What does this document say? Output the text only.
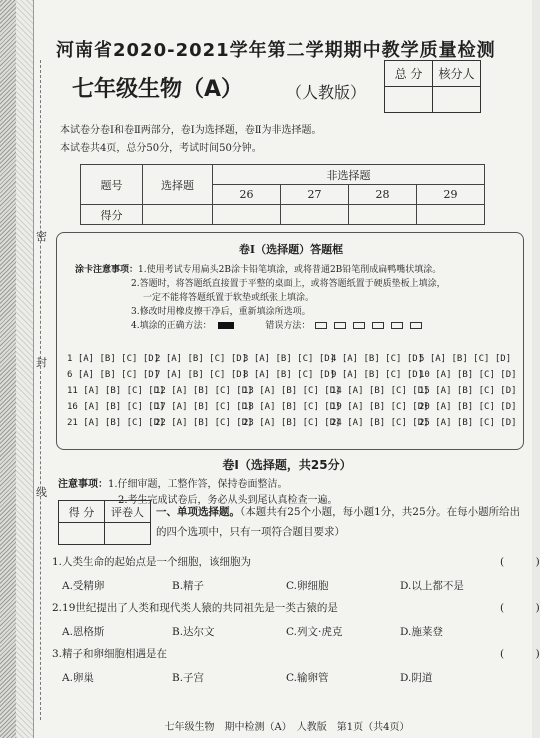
密
封
线
河南省2020-2021学年第二学期期中教学质量检测
七年级生物（A）	（人教版）
总 分	核分人

本试卷分卷Ⅰ和卷Ⅱ两部分，卷Ⅰ为选择题，卷Ⅱ为非选择题。
本试卷共4页，总分50分，考试时间50分钟。
题号	选择题	非选择题			
		26	27	28	29
得分					
卷Ⅰ（选择题）答题框
涂卡注意事项：1.使用考试专用扁头2B涂卡铅笔填涂，或将普通2B铅笔削成扁鸭嘴状填涂。
2.答题时，将答题纸直接置于平整的桌面上，或将答题纸置于硬质垫板上填涂，
一定不能将答题纸置于软垫或纸张上填涂。
3.修改时用橡皮擦干净后，重新填涂所选项。
4.填涂的正确方法：	错误方法：
1 [A] [B] [C] [D]2 [A] [B] [C] [D]3 [A] [B] [C] [D]4 [A] [B] [C] [D]5 [A] [B] [C] [D]
6 [A] [B] [C] [D]7 [A] [B] [C] [D]8 [A] [B] [C] [D]9 [A] [B] [C] [D]10 [A] [B] [C] [D]
11 [A] [B] [C] [D]12 [A] [B] [C] [D]13 [A] [B] [C] [D]14 [A] [B] [C] [D]15 [A] [B] [C] [D]
16 [A] [B] [C] [D]17 [A] [B] [C] [D]18 [A] [B] [C] [D]19 [A] [B] [C] [D]20 [A] [B] [C] [D]
21 [A] [B] [C] [D]22 [A] [B] [C] [D]23 [A] [B] [C] [D]24 [A] [B] [C] [D]25 [A] [B] [C] [D]
卷Ⅰ（选择题，共25分）
注意事项：1.仔细审题，工整作答，保持卷面整洁。
2.考生完成试卷后，务必从头到尾认真检查一遍。
得 分	评卷人
	一、单项选择题。（本题共有25个小题，每小题1分，共25分。在每小题所给出的四个选项中，只有一项符合题目要求）
1.人类生命的起始点是一个细胞，该细胞为	(　　　)
A.受精卵	B.精子	C.卵细胞	D.以上都不是
2.19世纪提出了人类和现代类人猿的共同祖先是一类古猿的是	(　　　)
A.恩格斯	B.达尔文	C.列文·虎克	D.施莱登
3.精子和卵细胞相遇是在	(　　　)
A.卵巢	B.子宫	C.输卵管	D.阴道
七年级生物　期中检测（A）　人教版　第1页（共4页）
